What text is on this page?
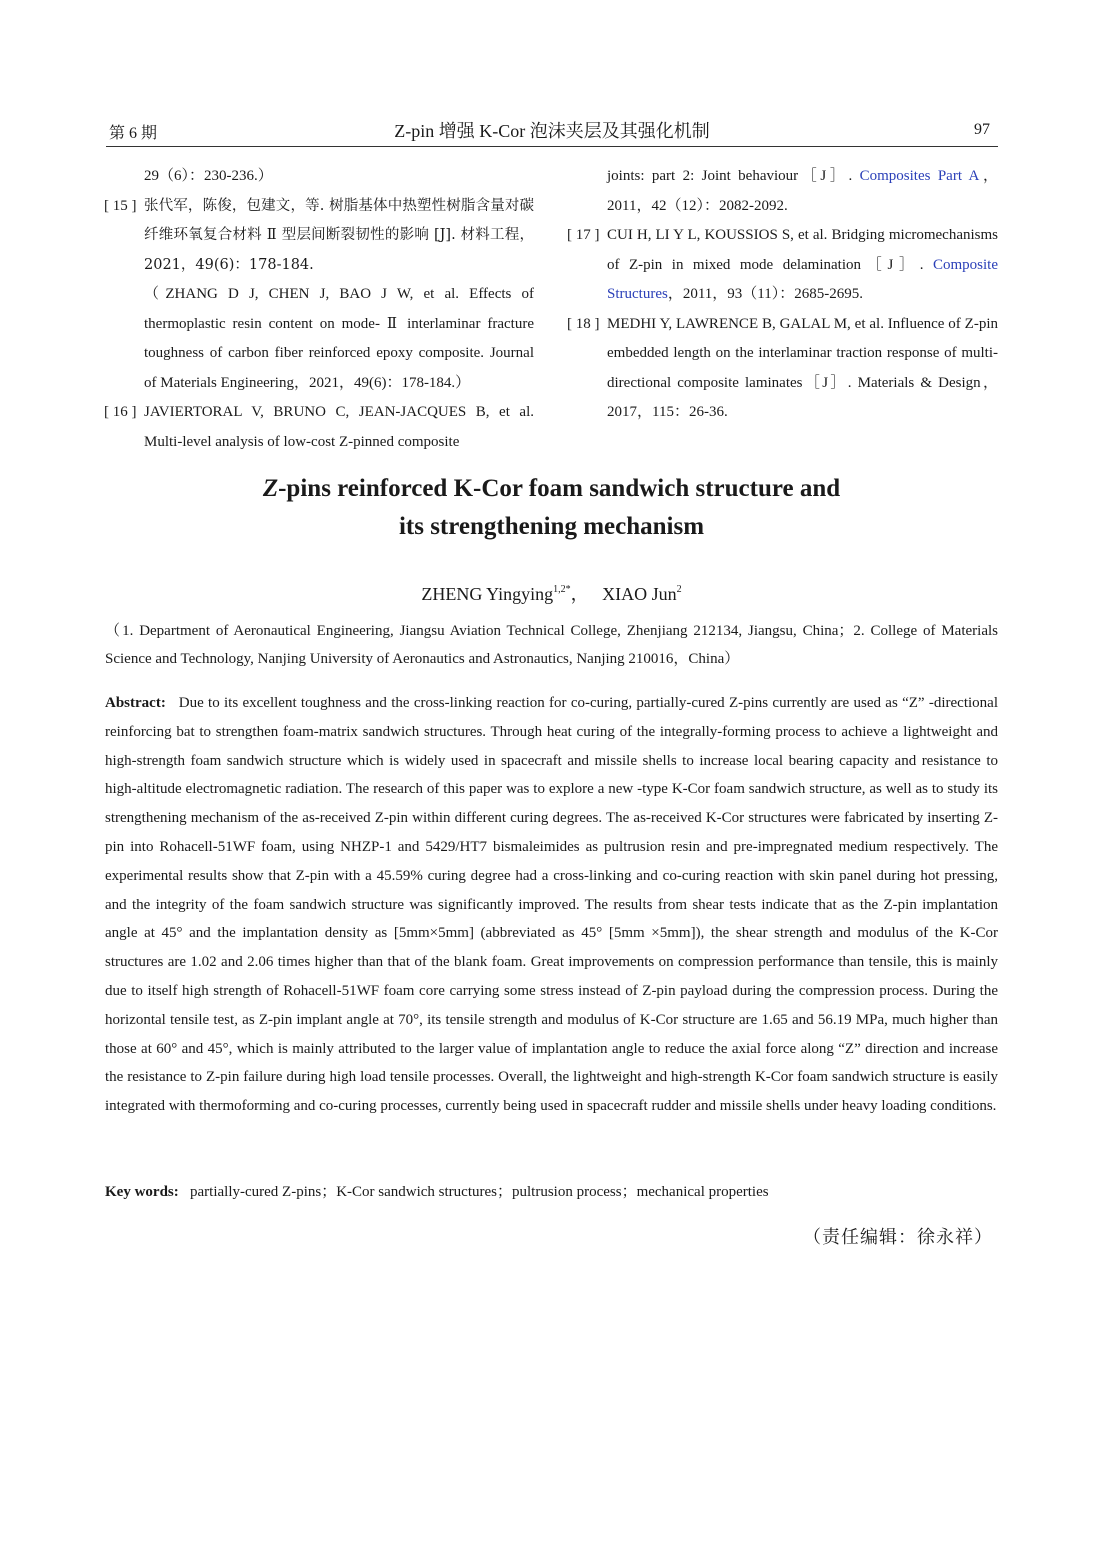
第 6 期	Z-pin 增强 K-Cor 泡沫夹层及其强化机制	97
29（6）：230-236.）
[ 15 ] 张代军，陈俊，包建文，等. 树脂基体中热塑性树脂含量对碳纤维环氧复合材料 Ⅱ 型层间断裂韧性的影响 [J]. 材料工程，2021，49(6)：178-184.
（ZHANG D J, CHEN J, BAO J W, et al. Effects of thermoplastic resin content on mode- Ⅱ interlaminar fracture toughness of carbon fiber reinforced epoxy composite. Journal of Materials Engineering，2021，49(6)：178-184.）
[ 16 ] JAVIERTORAL V, BRUNO C, JEAN-JACQUES B, et al. Multi-level analysis of low-cost Z-pinned composite
joints: part 2: Joint behaviour［J］. Composites Part A，2011，42（12）：2082-2092.
[ 17 ] CUI H, LI Y L, KOUSSIOS S, et al. Bridging micromechanisms of Z-pin in mixed mode delamination［J］. Composite Structures，2011，93（11）：2685-2695.
[ 18 ] MEDHI Y, LAWRENCE B, GALAL M, et al. Influence of Z-pin embedded length on the interlaminar traction response of multi-directional composite laminates［J］. Materials & Design，2017，115：26-36.
Z-pins reinforced K-Cor foam sandwich structure and
its strengthening mechanism
ZHENG Yingying$^{1,2*}$， XIAO Jun$^2$
（1. Department of Aeronautical Engineering, Jiangsu Aviation Technical College, Zhenjiang 212134, Jiangsu, China；2. College of Materials Science and Technology, Nanjing University of Aeronautics and Astronautics, Nanjing 210016，China）
Abstract: Due to its excellent toughness and the cross-linking reaction for co-curing, partially-cured Z-pins currently are used as “Z” -directional reinforcing bat to strengthen foam-matrix sandwich structures. Through heat curing of the integrally-forming process to achieve a lightweight and high-strength foam sandwich structure which is widely used in spacecraft and missile shells to increase local bearing capacity and resistance to high-altitude electromagnetic radiation. The research of this paper was to explore a new -type K-Cor foam sandwich structure, as well as to study its strengthening mechanism of the as-received Z-pin within different curing degrees. The as-received K-Cor structures were fabricated by inserting Z-pin into Rohacell-51WF foam, using NHZP-1 and 5429/HT7 bismaleimides as pultrusion resin and pre-impregnated medium respectively. The experimental results show that Z-pin with a 45.59% curing degree had a cross-linking and co-curing reaction with skin panel during hot pressing, and the integrity of the foam sandwich structure was significantly improved. The results from shear tests indicate that as the Z-pin implantation angle at 45° and the implantation density as [5mm×5mm] (abbreviated as 45° [5mm ×5mm]), the shear strength and modulus of the K-Cor structures are 1.02 and 2.06 times higher than that of the blank foam. Great improvements on compression performance than tensile, this is mainly due to itself high strength of Rohacell-51WF foam core carrying some stress instead of Z-pin payload during the compression process. During the horizontal tensile test, as Z-pin implant angle at 70°, its tensile strength and modulus of K-Cor structure are 1.65 and 56.19 MPa, much higher than those at 60° and 45°, which is mainly attributed to the larger value of implantation angle to reduce the axial force along “Z” direction and increase the resistance to Z-pin failure during high load tensile processes. Overall, the lightweight and high-strength K-Cor foam sandwich structure is easily integrated with thermoforming and co-curing processes, currently being used in spacecraft rudder and missile shells under heavy loading conditions.
Key words: partially-cured Z-pins；K-Cor sandwich structures；pultrusion process；mechanical properties
（责任编辑：徐永祥）
